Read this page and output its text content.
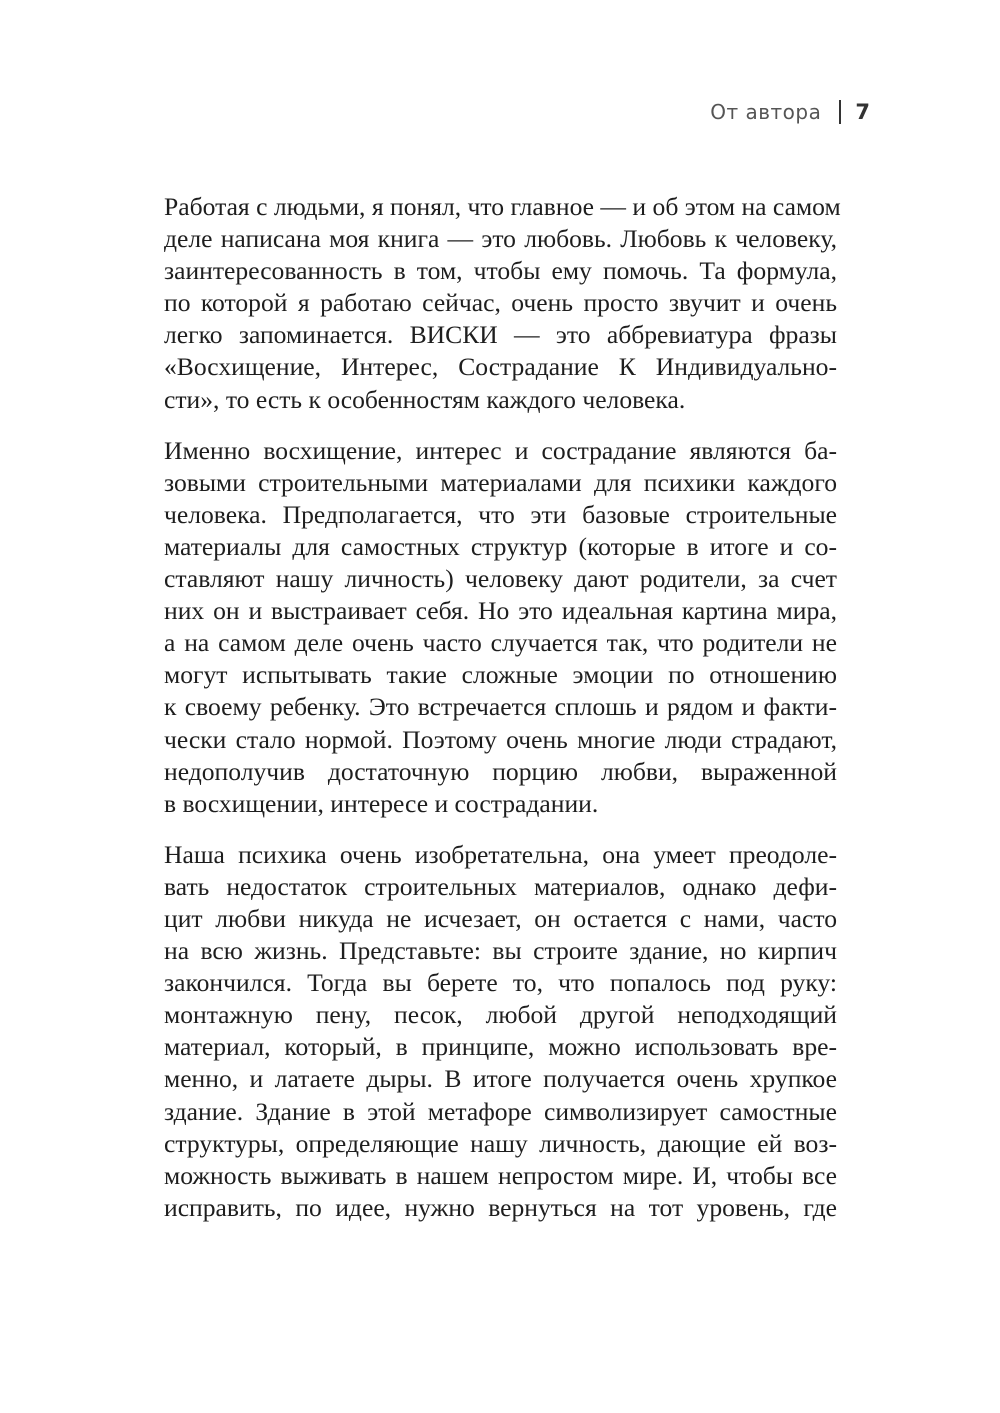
От автора 7

Работая с людьми, я понял, что главное — и об этом на самом
деле написана моя книга — это любовь. Любовь к человеку,
заинтересованность в том, чтобы ему помочь. Та формула,
по которой я работаю сейчас, очень просто звучит и очень
легко запоминается. ВИСКИ — это аббревиатура фразы
«Восхищение, Интерес, Сострадание К Индивидуально-
сти», то есть к особенностям каждого человека.

Именно восхищение, интерес и сострадание являются ба-
зовыми строительными материалами для психики каждого
человека. Предполагается, что эти базовые строительные
материалы для самостных структур (которые в итоге и со-
ставляют нашу личность) человеку дают родители, за счет
них он и выстраивает себя. Но это идеальная картина мира,
а на самом деле очень часто случается так, что родители не
могут испытывать такие сложные эмоции по отношению
к своему ребенку. Это встречается сплошь и рядом и факти-
чески стало нормой. Поэтому очень многие люди страдают,
недополучив достаточную порцию любви, выраженной
в восхищении, интересе и сострадании.

Наша психика очень изобретательна, она умеет преодоле-
вать недостаток строительных материалов, однако дефи-
цит любви никуда не исчезает, он остается с нами, часто
на всю жизнь. Представьте: вы строите здание, но кирпич
закончился. Тогда вы берете то, что попалось под руку:
монтажную пену, песок, любой другой неподходящий
материал, который, в принципе, можно использовать вре-
менно, и латаете дыры. В итоге получается очень хрупкое
здание. Здание в этой метафоре символизирует самостные
структуры, определяющие нашу личность, дающие ей воз-
можность выживать в нашем непростом мире. И, чтобы все
исправить, по идее, нужно вернуться на тот уровень, где
